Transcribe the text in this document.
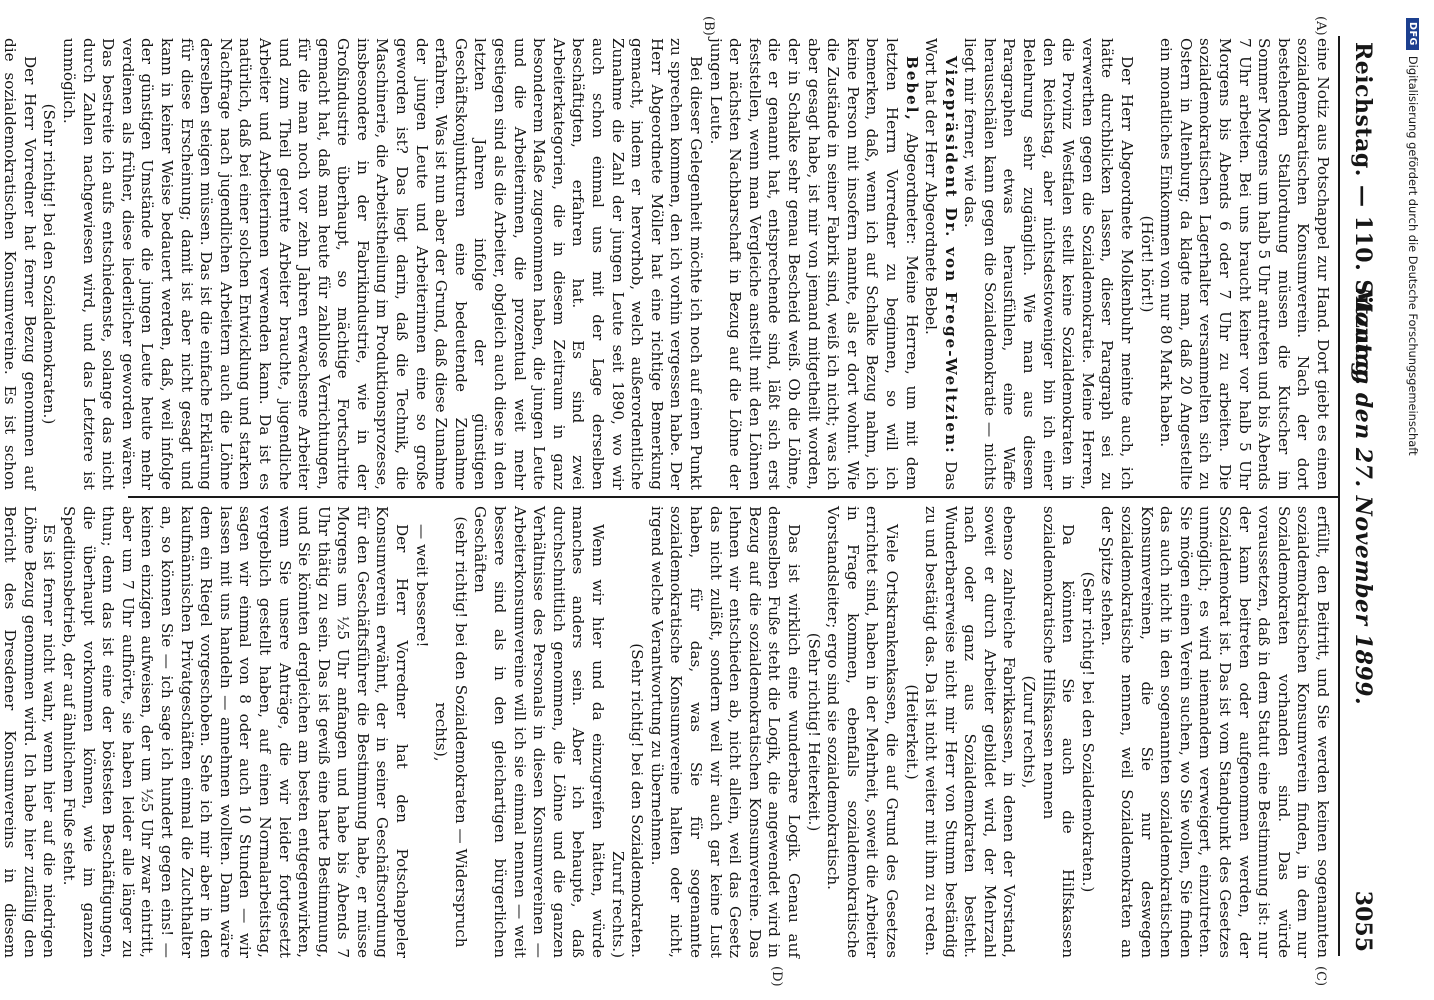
Reichstag. — 110. Sitzung.
Montag den 27. November 1899.
3055
(A)
(B)
(C)
(D)

eine Notiz aus Potschappel zur Hand. Dort giebt es einen sozialdemokratischen Konsumverein. Nach der dort bestehenden Stallordnung müssen die Kutscher im Sommer Morgens um halb 5 Uhr antreten und bis Abends 7 Uhr arbeiten. Bei uns braucht keiner vor halb 5 Uhr Morgens bis Abends 6 oder 7 Uhr zu arbeiten. Die sozialdemokratischen Lagerhalter versammelten sich zu Ostern in Altenburg; da klagte man, daß 20 Angestellte ein monatliches Einkommen von nur 80 Mark haben.

(Hört! hört!)

Der Herr Abgeordnete Molkenbuhr meinte auch, ich hätte durchblicken lassen, dieser Paragraph sei zu verwerthen gegen die Sozialdemokratie. Meine Herren, die Provinz Westfalen stellt keine Sozialdemokraten in den Reichstag, aber nichtsdestoweniger bin ich einer Belehrung sehr zugänglich. Wie man aus diesem Paragraphen etwas herausfühlen, eine Waffe herausschälen kann gegen die Sozialdemokratie — nichts liegt mir ferner, wie das.

Vizepräsident Dr. von Frege-Weltzien: Das Wort hat der Herr Abgeordnete Bebel.

Bebel, Abgeordneter: Meine Herren, um mit dem letzten Herrn Vorredner zu beginnen, so will ich bemerken, daß, wenn ich auf Schalke Bezug nahm, ich keine Person mit insofern nannte, als er dort wohnt. Wie die Zustände in seiner Fabrik sind, weiß ich nicht; was ich aber gesagt habe, ist mir von jemand mitgetheilt worden, der in Schalke sehr genau Bescheid weiß. Ob die Löhne, die er genannt hat, entsprechende sind, läßt sich erst feststellen, wenn man Vergleiche anstellt mit den Löhnen der nächsten Nachbarschaft in Bezug auf die Löhne der jungen Leute.

Bei dieser Gelegenheit möchte ich noch auf einen Punkt zu sprechen kommen, den ich vorhin vergessen habe. Der Herr Abgeordnete Möller hat eine richtige Bemerkung gemacht, indem er hervorhob, welch außerordentliche Zunahme die Zahl der jungen Leute seit 1890, wo wir auch schon einmal uns mit der Lage derselben beschäftigten, erfahren hat. Es sind zwei Arbeiterkategorien, die in diesem Zeitraum in ganz besonderem Maße zugenommen haben, die jungen Leute und die Arbeiterinnen, die prozentual weit mehr gestiegen sind als die Arbeiter, obgleich auch diese in den letzten Jahren infolge der günstigen Geschäftskonjunkturen eine bedeutende Zunahme erfahren. Was ist nun aber der Grund, daß diese Zunahme der jungen Leute und Arbeiterinnen eine so große geworden ist? Das liegt darin, daß die Technik, die Maschinerie, die Arbeitstheilung im Produktionsprozesse, insbesondere in der Fabrikindustrie, wie in der Großindustrie überhaupt, so mächtige Fortschritte gemacht hat, daß man heute für zahllose Verrichtungen, für die man noch vor zehn Jahren erwachsene Arbeiter und zum Theil gelernte Arbeiter brauchte, jugendliche Arbeiter und Arbeiterinnen verwenden kann. Da ist es natürlich, daß bei einer solchen Entwicklung und starken Nachfrage nach jugendlichen Arbeitern auch die Löhne derselben steigen müssen. Das ist die einfache Erklärung für diese Erscheinung; damit ist aber nicht gesagt und kann in keiner Weise bedauert werden, daß, weil infolge der günstigen Umstände die jungen Leute heute mehr verdienen als früher, diese liederlicher geworden wären. Das bestreite ich aufs entschiedenste, solange das nicht durch Zahlen nachgewiesen wird, und das Letztere ist unmöglich.

(Sehr richtig! bei den Sozialdemokraten.)

Der Herr Vorredner hat ferner Bezug genommen auf die sozialdemokratischen Konsumvereine. Es ist schon

erfüllt, den Beitritt, und Sie werden keinen sogenannten sozialdemokratischen Konsumverein finden, in dem nur Sozialdemokraten vorhanden sind. Das würde voraussetzen, daß in dem Statut eine Bestimmung ist: nur der kann beitreten oder aufgenommen werden, der Sozialdemokrat ist. Das ist vom Standpunkt des Gesetzes unmöglich; es wird niemandem verweigert, einzutreten. Sie mögen einen Verein suchen, wo Sie wollen, Sie finden das auch nicht in den sogenannten sozialdemokratischen Konsumvereinen, die Sie nur deswegen sozialdemokratische nennen, weil Sozialdemokraten an der Spitze stehen.

(Sehr richtig! bei den Sozialdemokraten.)

Da könnten Sie auch die Hilfskassen sozialdemokratische Hilfskassen nennen

(Zuruf rechts),

ebenso zahlreiche Fabrikkassen, in denen der Vorstand, soweit er durch Arbeiter gebildet wird, der Mehrzahl nach oder ganz aus Sozialdemokraten besteht. Wunderbarerweise nicht mir Herr von Stumm beständig zu und bestätigt das. Da ist nicht weiter mit ihm zu reden.

(Heiterkeit.)

Viele Ortskrankenkassen, die auf Grund des Gesetzes errichtet sind, haben in der Mehrheit, soweit die Arbeiter in Frage kommen, ebenfalls sozialdemokratische Vorstandsleiter; ergo sind sie sozialdemokratisch.

(Sehr richtig! Heiterkeit.)

Das ist wirklich eine wunderbare Logik. Genau auf demselben Fuße steht die Logik, die angewendet wird in Bezug auf die sozialdemokratischen Konsumvereine. Das lehnen wir entschieden ab, nicht allein, weil das Gesetz das nicht zuläßt, sondern weil wir auch gar keine Lust haben, für das, was Sie für sogenannte sozialdemokratische Konsumvereine halten oder nicht, irgend welche Verantwortung zu übernehmen.

(Sehr richtig! bei den Sozialdemokraten. Zuruf rechts.)

Wenn wir hier und da einzugreifen hätten, würde manches anders sein. Aber ich behaupte, daß durchschnittlich genommen, die Löhne und die ganzen Verhältnisse des Personals in diesen Konsumvereinen — Arbeiterkonsumvereine will ich sie einmal nennen — weit bessere sind als in den gleichartigen bürgerlichen Geschäften

(sehr richtig! bei den Sozialdemokraten — Widerspruch rechts),

— weit bessere!

Der Herr Vorredner hat den Potschappeler Konsumverein erwähnt, der in seiner Geschäftsordnung für den Geschäftsführer die Bestimmung habe, er müsse Morgens um ½5 Uhr anfangen und habe bis Abends 7 Uhr thätig zu sein. Das ist gewiß eine harte Bestimmung, und Sie könnten dergleichen am besten entgegenwirken, wenn Sie unsere Anträge, die wir leider fortgesetzt vergeblich gestellt haben, auf einen Normalarbeitstag, sagen wir einmal von 8 oder auch 10 Stunden — wir lassen mit uns handeln — annehmen wollten. Dann wäre dem ein Riegel vorgeschoben. Sehe ich mir aber in den kaufmännischen Privatgeschäften einmal die Zuchthalter an, so können Sie — ich sage ich hundert gegen eins! — keinen einzigen aufweisen, der um ½5 Uhr zwar eintritt, aber um 7 Uhr aufhörte, sie haben leider alle länger zu thun; denn das ist eine der böstesten Beschäftigungen, die überhaupt vorkommen können, wie im ganzen Speditionsbetrieb, der auf ähnlichem Fuße steht.

Es ist ferner nicht wahr, wenn hier auf die niedrigen Löhne Bezug genommen wird. Ich habe hier zufällig den Bericht des Dresdener Konsumvereins in diesem

DFG
Digitalisierung gefördert durch die Deutsche Forschungsgemeinschaft
